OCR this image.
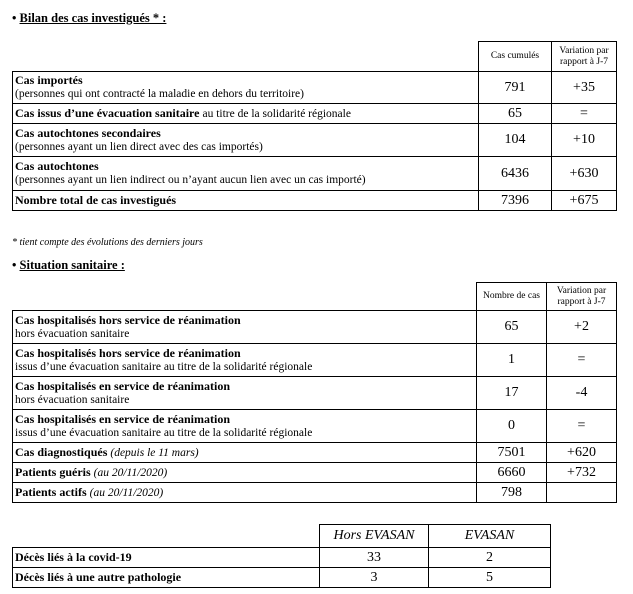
• Bilan des cas investigués * :
	Cas cumulés	Variation par rapport à J-7
Cas importés
(personnes qui ont contracté la maladie en dehors du territoire)	791	+35
Cas issus d’une évacuation sanitaire au titre de la solidarité régionale	65	=
Cas autochtones secondaires
(personnes ayant un lien direct avec des cas importés)	104	+10
Cas autochtones
(personnes ayant un lien indirect ou n’ayant aucun lien avec un cas importé)	6436	+630
Nombre total de cas investigués	7396	+675
* tient compte des évolutions des derniers jours
• Situation sanitaire :
	Nombre de cas	Variation par rapport à J-7
Cas hospitalisés hors service de réanimation
hors évacuation sanitaire	65	+2
Cas hospitalisés hors service de réanimation
issus d’une évacuation sanitaire au titre de la solidarité régionale	1	=
Cas hospitalisés en service de réanimation
hors évacuation sanitaire	17	-4
Cas hospitalisés en service de réanimation
issus d’une évacuation sanitaire au titre de la solidarité régionale	0	=
Cas diagnostiqués (depuis le 11 mars)	7501	+620
Patients guéris (au 20/11/2020)	6660	+732
Patients actifs (au 20/11/2020)	798	
	Hors EVASAN	EVASAN
Décès liés à la covid-19	33	2
Décès liés à une autre pathologie	3	5
